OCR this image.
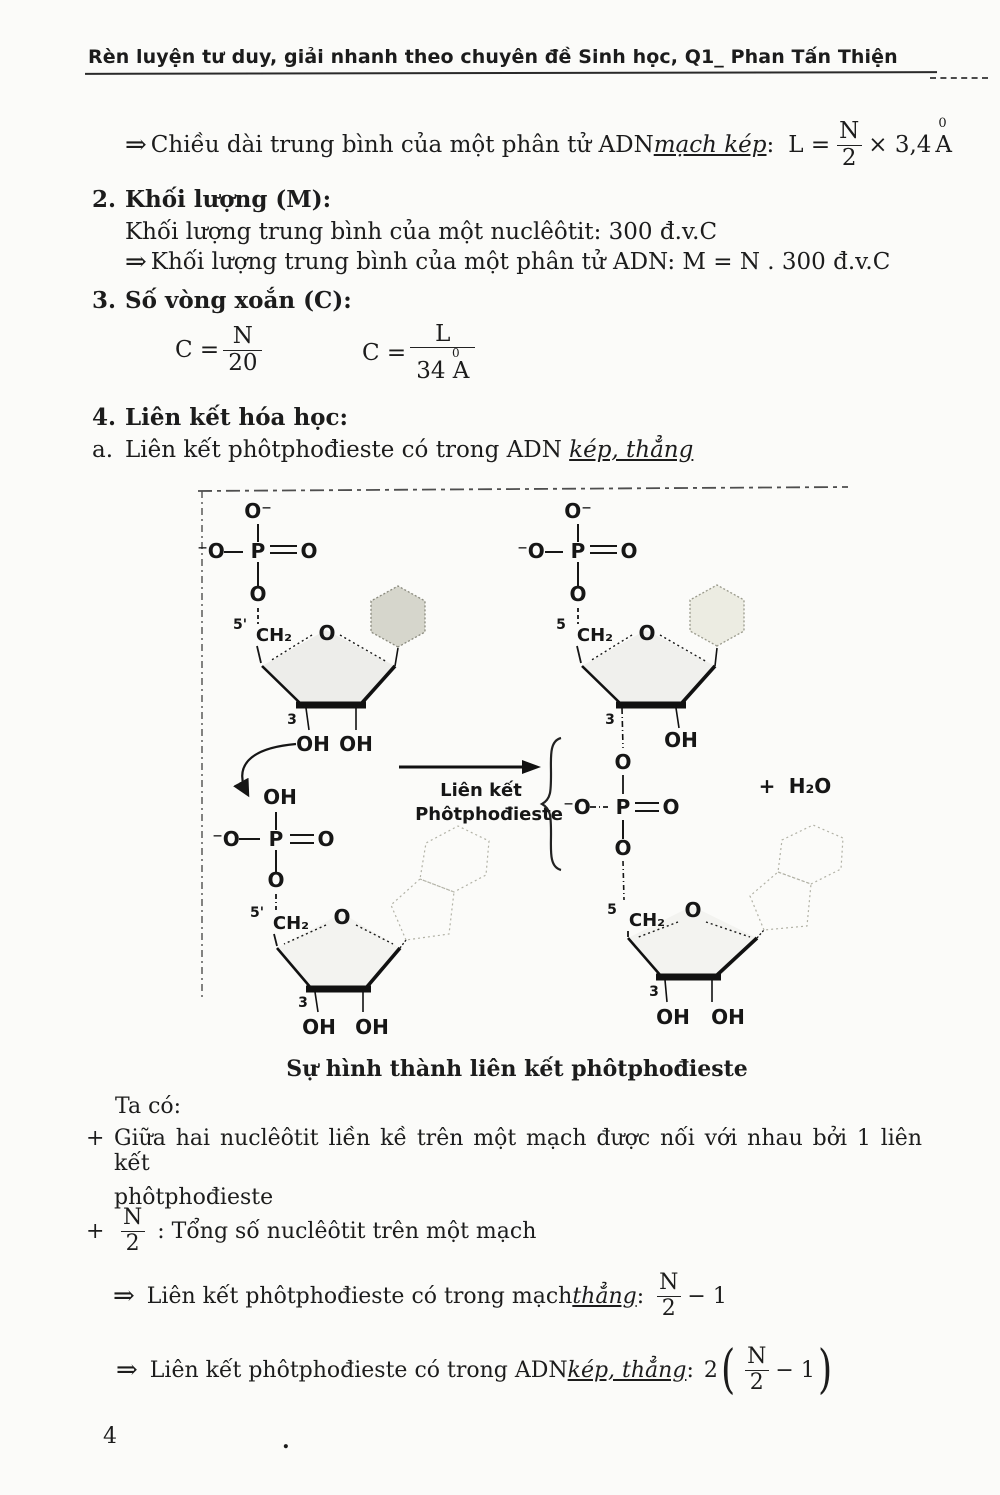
Rèn luyện tư duy, giải nhanh theo chuyên đề Sinh học, Q1_ Phan Tấn Thiện
⇒ Chiều dài trung bình của một phân tử ADN mạch kép : $L = \frac{N}{2} \times 3,4$
0
A
2. Khối lượng (M):
Khối lượng trung bình của một nuclêôtit: 300 đ.v.C
⇒ Khối lượng trung bình của một phân tử ADN: M = N . 300 đ.v.C
3. Số vòng xoắn (C):
$C = \frac{N}{20}$	C = L
0
34 A
4. Liên kết hóa học:
a. Liên kết phôtphođieste có trong ADN kép, thẳng
O⁻
⁻O P O
O
5' CH₂ O
3
OH OH
OH
⁻O P O
O
5' CH₂ O
3
OH OH
Liên kết
Phôtphođieste
O⁻
⁻O P O
O
5 CH₂ O
3
OH
O
⁻O P O
O
+ H₂O
5 CH₂ O
3
OH OH
Sự hình thành liên kết phôtphođieste
Ta có:
+ Giữa hai nuclêôtit liền kề trên một mạch được nối với nhau bởi 1 liên kết
phôtphođieste
+ $\frac{N}{2}$ : Tổng số nuclêôtit trên một mạch
⇒ Liên kết phôtphođieste có trong mạch thẳng : $\frac{N}{2} - 1$
⇒ Liên kết phôtphođieste có trong ADN kép, thẳng : 2 ( $\frac{N}{2} - 1$ )
4	.
